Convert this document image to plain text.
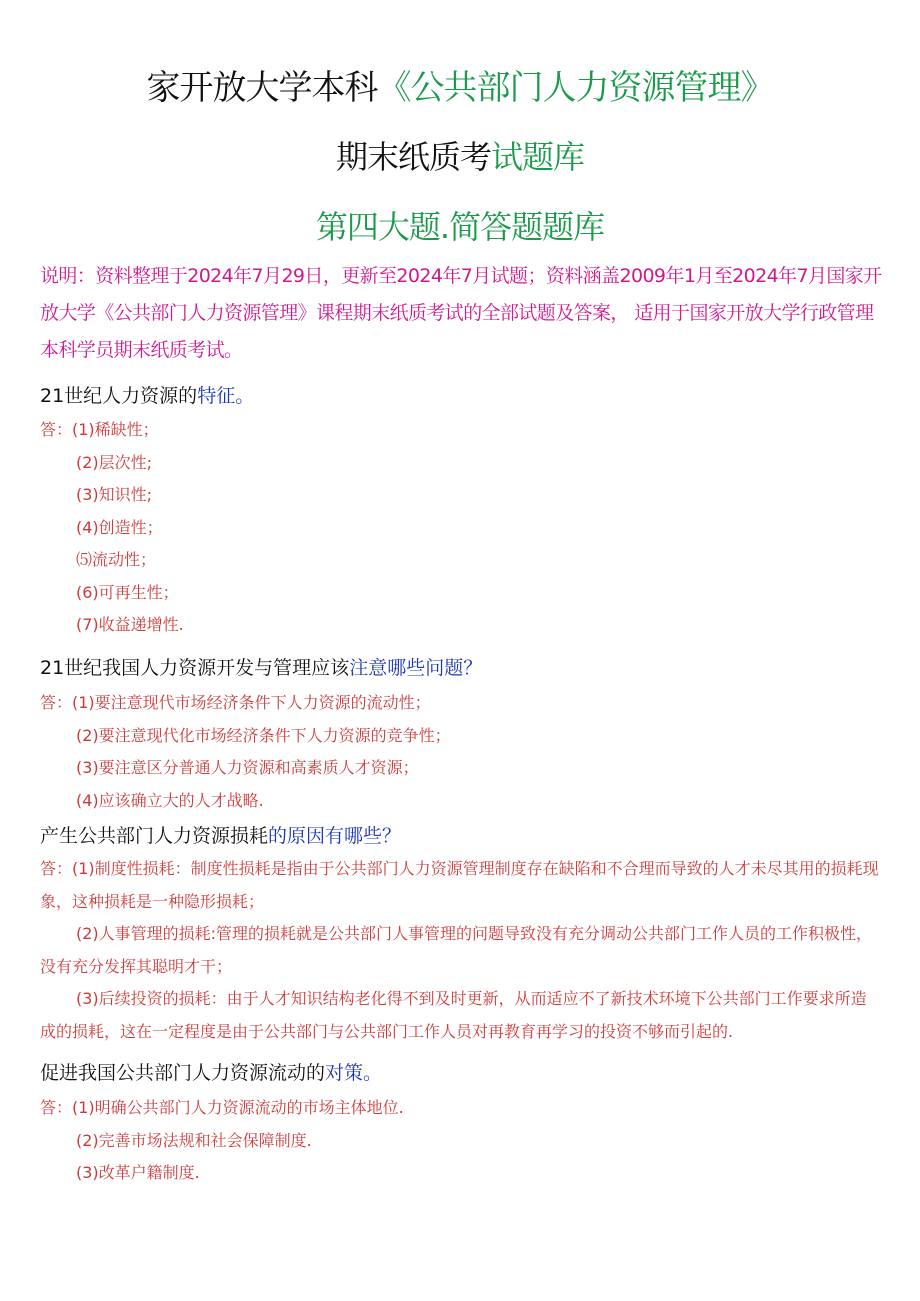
家开放大学本科《公共部门人力资源管理》
期末纸质考试题库
第四大题.简答题题库
说明：资料整理于2024年7月29日，更新至2024年7月试题；资料涵盖2009年1月至2024年7月国家开放大学《公共部门人力资源管理》课程期末纸质考试的全部试题及答案， 适用于国家开放大学行政管理本科学员期末纸质考试。
21世纪人力资源的特征。
答：(1)稀缺性；
(2)层次性;
(3)知识性;
(4)创造性；
⑸流动性；
(6)可再生性；
(7)收益递增性.
21世纪我国人力资源开发与管理应该注意哪些问题？
答：(1)要注意现代市场经济条件下人力资源的流动性；
(2)要注意现代化市场经济条件下人力资源的竞争性；
(3)要注意区分普通人力资源和高素质人才资源；
(4)应该确立大的人才战略.
产生公共部门人力资源损耗的原因有哪些？
答：(1)制度性损耗：制度性损耗是指由于公共部门人力资源管理制度存在缺陷和不合理而导致的人才未尽其用的损耗现象，这种损耗是一种隐形损耗；
(2)人事管理的损耗:管理的损耗就是公共部门人事管理的问题导致没有充分调动公共部门工作人员的工作积极性，没有充分发挥其聪明才干；
(3)后续投资的损耗：由于人才知识结构老化得不到及时更新，从而适应不了新技术环境下公共部门工作要求所造成的损耗，这在一定程度是由于公共部门与公共部门工作人员对再教育再学习的投资不够而引起的.
促进我国公共部门人力资源流动的对策。
答：(1)明确公共部门人力资源流动的市场主体地位.
(2)完善市场法规和社会保障制度.
(3)改革户籍制度.
